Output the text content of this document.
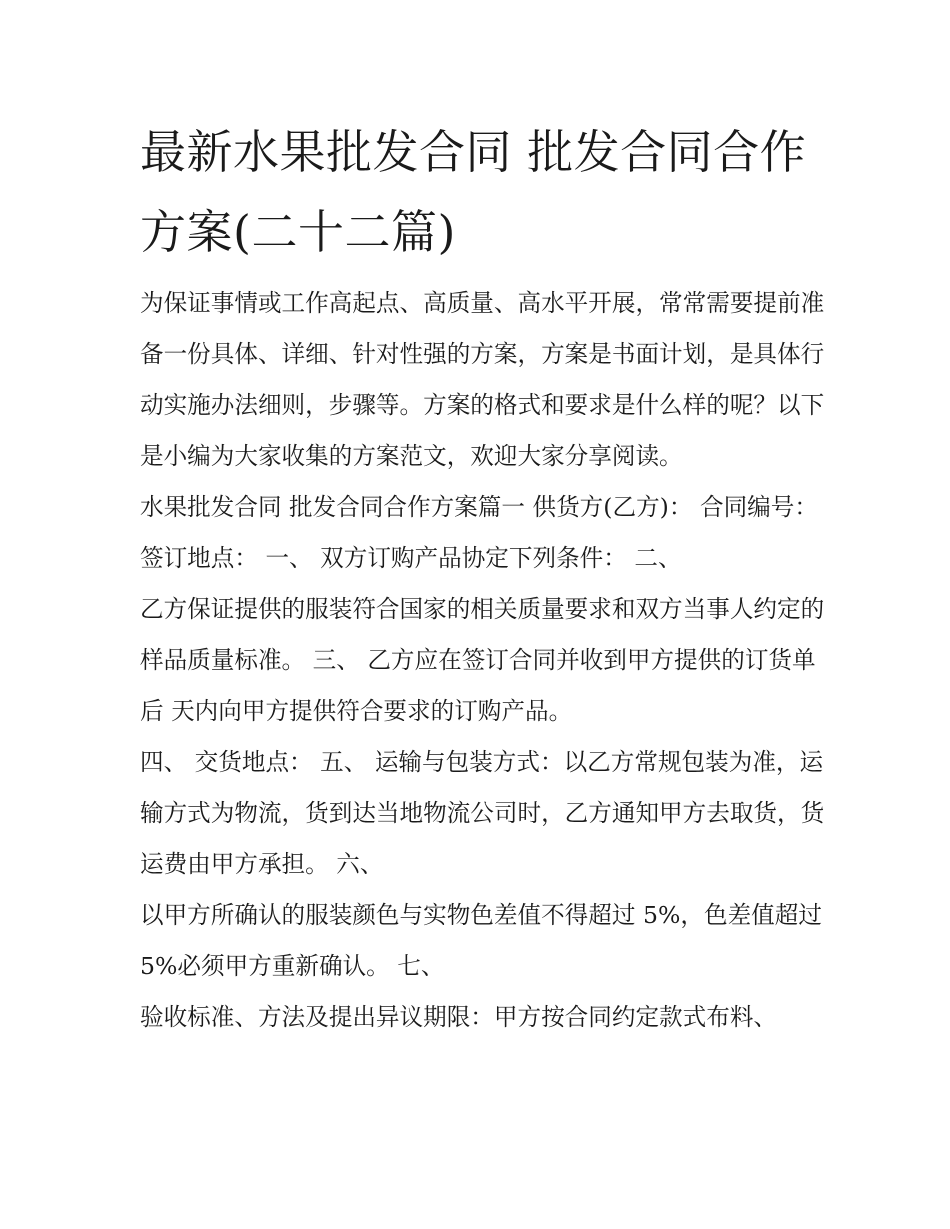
最新水果批发合同 批发合同合作方案(二十二篇)

为保证事情或工作高起点、高质量、高水平开展，常常需要提前准备一份具体、详细、针对性强的方案，方案是书面计划，是具体行动实施办法细则，步骤等。方案的格式和要求是什么样的呢？以下是小编为大家收集的方案范文，欢迎大家分享阅读。

水果批发合同 批发合同合作方案篇一 供货方(乙方)： 合同编号： 签订地点： 一、 双方订购产品协定下列条件： 二、

乙方保证提供的服装符合国家的相关质量要求和双方当事人约定的样品质量标准。 三、 乙方应在签订合同并收到甲方提供的订货单后 天内向甲方提供符合要求的订购产品。

四、 交货地点： 五、 运输与包装方式：以乙方常规包装为准，运输方式为物流，货到达当地物流公司时，乙方通知甲方去取货，货运费由甲方承担。 六、

以甲方所确认的服装颜色与实物色差值不得超过 5%，色差值超过 5%必须甲方重新确认。 七、

验收标准、方法及提出异议期限：甲方按合同约定款式布料、
